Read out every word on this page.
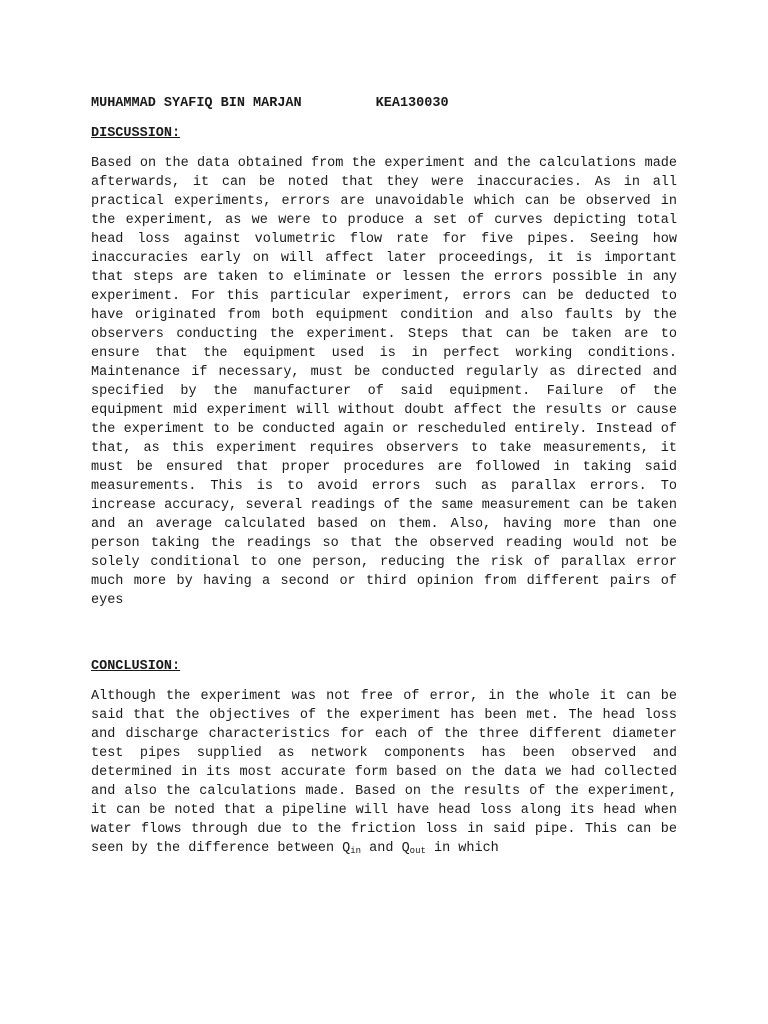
MUHAMMAD SYAFIQ BIN MARJAN	KEA130030
DISCUSSION:
Based on the data obtained from the experiment and the calculations made afterwards, it can be noted that they were inaccuracies. As in all practical experiments, errors are unavoidable which can be observed in the experiment, as we were to produce a set of curves depicting total head loss against volumetric flow rate for five pipes. Seeing how inaccuracies early on will affect later proceedings, it is important that steps are taken to eliminate or lessen the errors possible in any experiment. For this particular experiment, errors can be deducted to have originated from both equipment condition and also faults by the observers conducting the experiment. Steps that can be taken are to ensure that the equipment used is in perfect working conditions. Maintenance if necessary, must be conducted regularly as directed and specified by the manufacturer of said equipment. Failure of the equipment mid experiment will without doubt affect the results or cause the experiment to be conducted again or rescheduled entirely. Instead of that, as this experiment requires observers to take measurements, it must be ensured that proper procedures are followed in taking said measurements. This is to avoid errors such as parallax errors. To increase accuracy, several readings of the same measurement can be taken and an average calculated based on them. Also, having more than one person taking the readings so that the observed reading would not be solely conditional to one person, reducing the risk of parallax error much more by having a second or third opinion from different pairs of eyes
CONCLUSION:
Although the experiment was not free of error, in the whole it can be said that the objectives of the experiment has been met. The head loss and discharge characteristics for each of the three different diameter test pipes supplied as network components has been observed and determined in its most accurate form based on the data we had collected and also the calculations made. Based on the results of the experiment, it can be noted that a pipeline will have head loss along its head when water flows through due to the friction loss in said pipe. This can be seen by the difference between $Q_{in}$ and $Q_{out}$ in which
